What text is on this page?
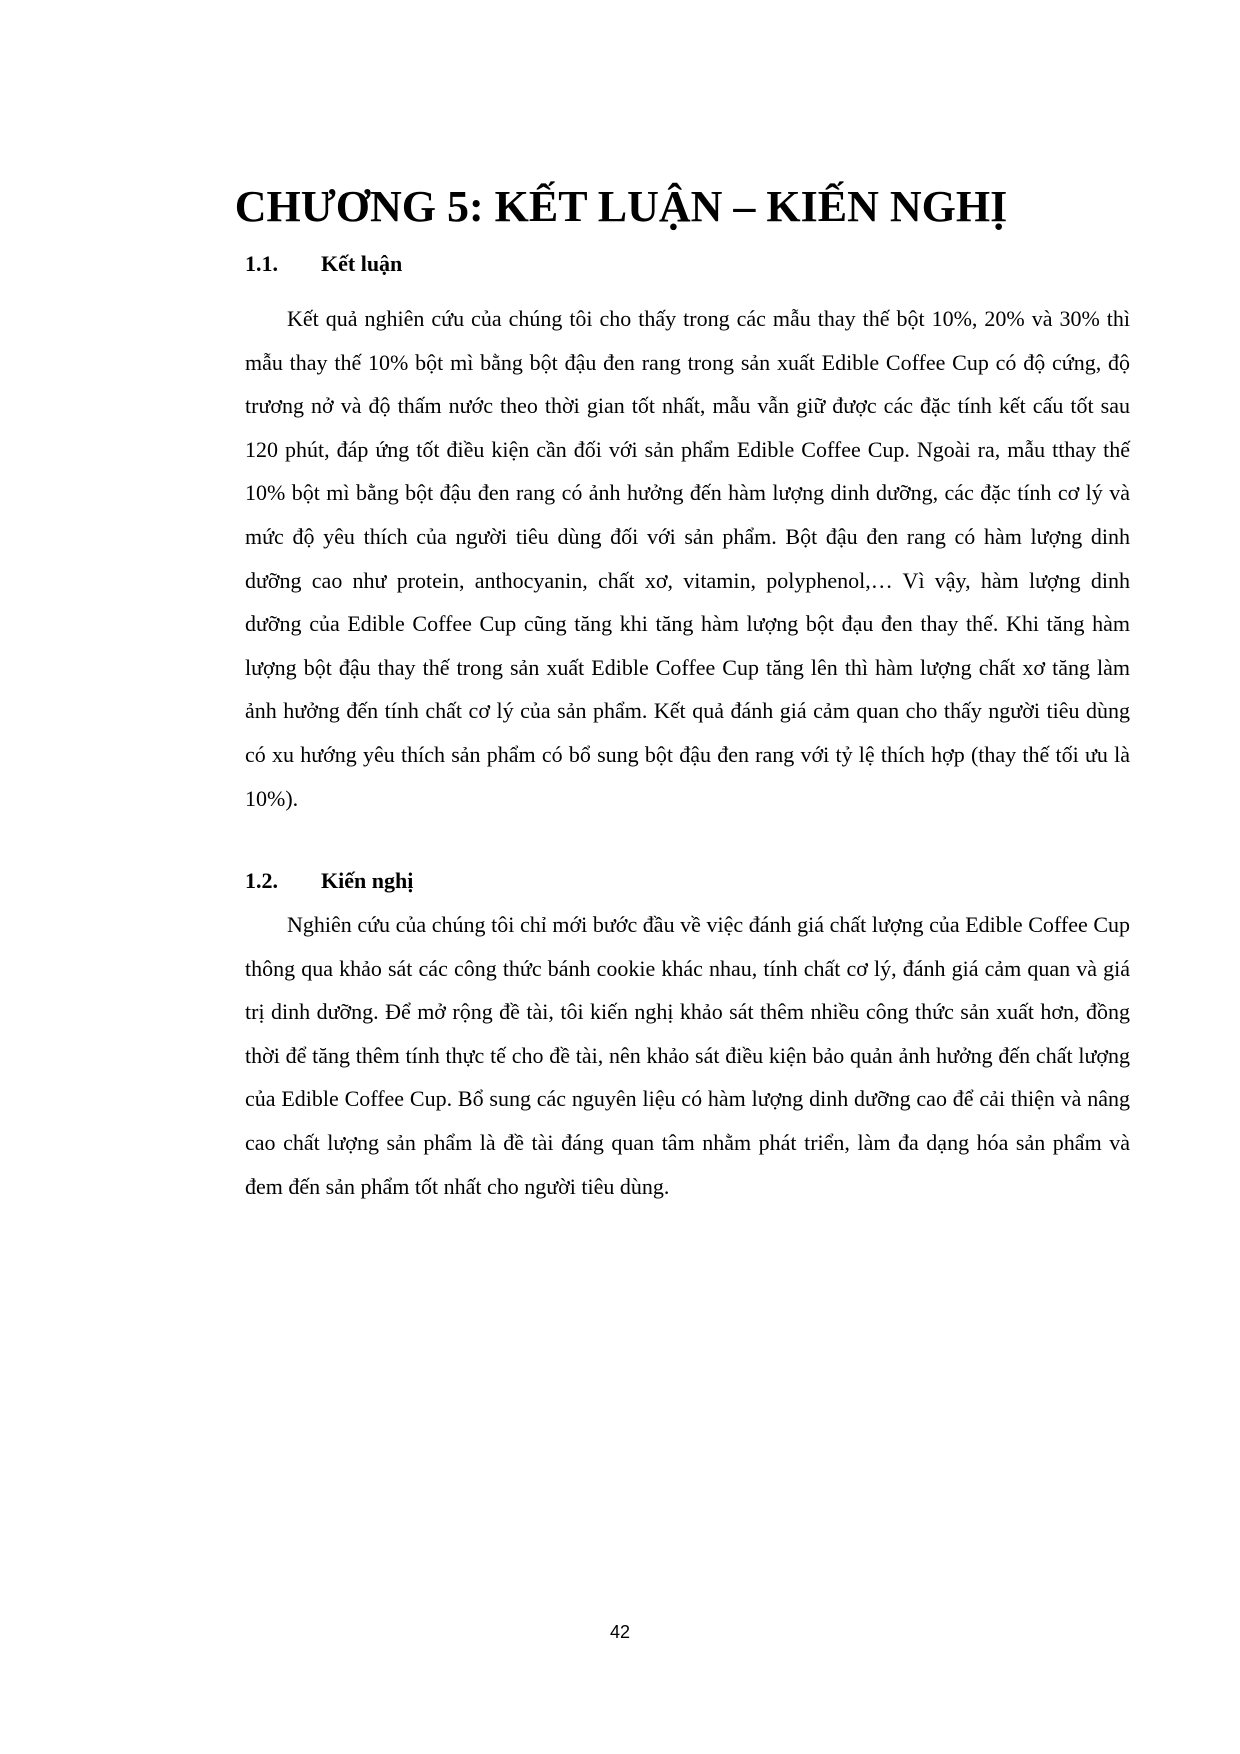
CHƯƠNG 5: KẾT LUẬN – KIẾN NGHỊ
1.1. Kết luận

Kết quả nghiên cứu của chúng tôi cho thấy trong các mẫu thay thế bột 10%, 20% và 30% thì mẫu thay thế 10% bột mì bằng bột đậu đen rang trong sản xuất Edible Coffee Cup có độ cứng, độ trương nở và độ thấm nước theo thời gian tốt nhất, mẫu vẫn giữ được các đặc tính kết cấu tốt sau 120 phút, đáp ứng tốt điều kiện cần đối với sản phẩm Edible Coffee Cup. Ngoài ra, mẫu tthay thế 10% bột mì bằng bột đậu đen rang có ảnh hưởng đến hàm lượng dinh dưỡng, các đặc tính cơ lý và mức độ yêu thích của người tiêu dùng đối với sản phẩm. Bột đậu đen rang có hàm lượng dinh dưỡng cao như protein, anthocyanin, chất xơ, vitamin, polyphenol,… Vì vậy, hàm lượng dinh dưỡng của Edible Coffee Cup cũng tăng khi tăng hàm lượng bột đạu đen thay thế. Khi tăng hàm lượng bột đậu thay thế trong sản xuất Edible Coffee Cup tăng lên thì hàm lượng chất xơ tăng làm ảnh hưởng đến tính chất cơ lý của sản phẩm. Kết quả đánh giá cảm quan cho thấy người tiêu dùng có xu hướng yêu thích sản phẩm có bổ sung bột đậu đen rang với tỷ lệ thích hợp (thay thế tối ưu là 10%).

1.2. Kiến nghị

Nghiên cứu của chúng tôi chỉ mới bước đầu về việc đánh giá chất lượng của Edible Coffee Cup thông qua khảo sát các công thức bánh cookie khác nhau, tính chất cơ lý, đánh giá cảm quan và giá trị dinh dưỡng. Để mở rộng đề tài, tôi kiến nghị khảo sát thêm nhiều công thức sản xuất hơn, đồng thời để tăng thêm tính thực tế cho đề tài, nên khảo sát điều kiện bảo quản ảnh hưởng đến chất lượng của Edible Coffee Cup. Bổ sung các nguyên liệu có hàm lượng dinh dưỡng cao để cải thiện và nâng cao chất lượng sản phẩm là đề tài đáng quan tâm nhằm phát triển, làm đa dạng hóa sản phẩm và đem đến sản phẩm tốt nhất cho người tiêu dùng.

42
